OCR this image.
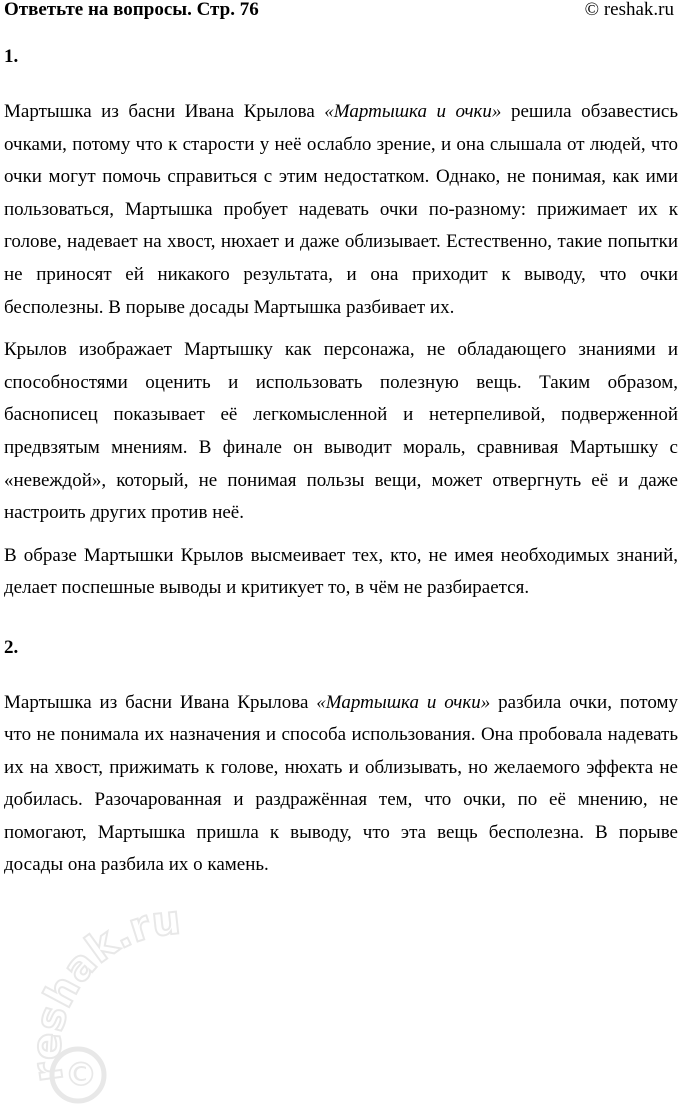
Ответьте на вопросы. Стр. 76	© reshak.ru
1.

Мартышка из басни Ивана Крылова «Мартышка и очки» решила обзавестись очками, потому что к старости у неё ослабло зрение, и она слышала от людей, что очки могут помочь справиться с этим недостатком. Однако, не понимая, как ими пользоваться, Мартышка пробует надевать очки по-разному: прижимает их к голове, надевает на хвост, нюхает и даже облизывает. Естественно, такие попытки не приносят ей никакого результата, и она приходит к выводу, что очки бесполезны. В порыве досады Мартышка разбивает их.

Крылов изображает Мартышку как персонажа, не обладающего знаниями и способностями оценить и использовать полезную вещь. Таким образом, баснописец показывает её легкомысленной и нетерпеливой, подверженной предвзятым мнениям. В финале он выводит мораль, сравнивая Мартышку с «невеждой», который, не понимая пользы вещи, может отвергнуть её и даже настроить других против неё.

В образе Мартышки Крылов высмеивает тех, кто, не имея необходимых знаний, делает поспешные выводы и критикует то, в чём не разбирается.

2.

Мартышка из басни Ивана Крылова «Мартышка и очки» разбила очки, потому что не понимала их назначения и способа использования. Она пробовала надевать их на хвост, прижимать к голове, нюхать и облизывать, но желаемого эффекта не добилась. Разочарованная и раздражённая тем, что очки, по её мнению, не помогают, Мартышка пришла к выводу, что эта вещь бесполезна. В порыве досады она разбила их о камень.

©
reshak.ru
